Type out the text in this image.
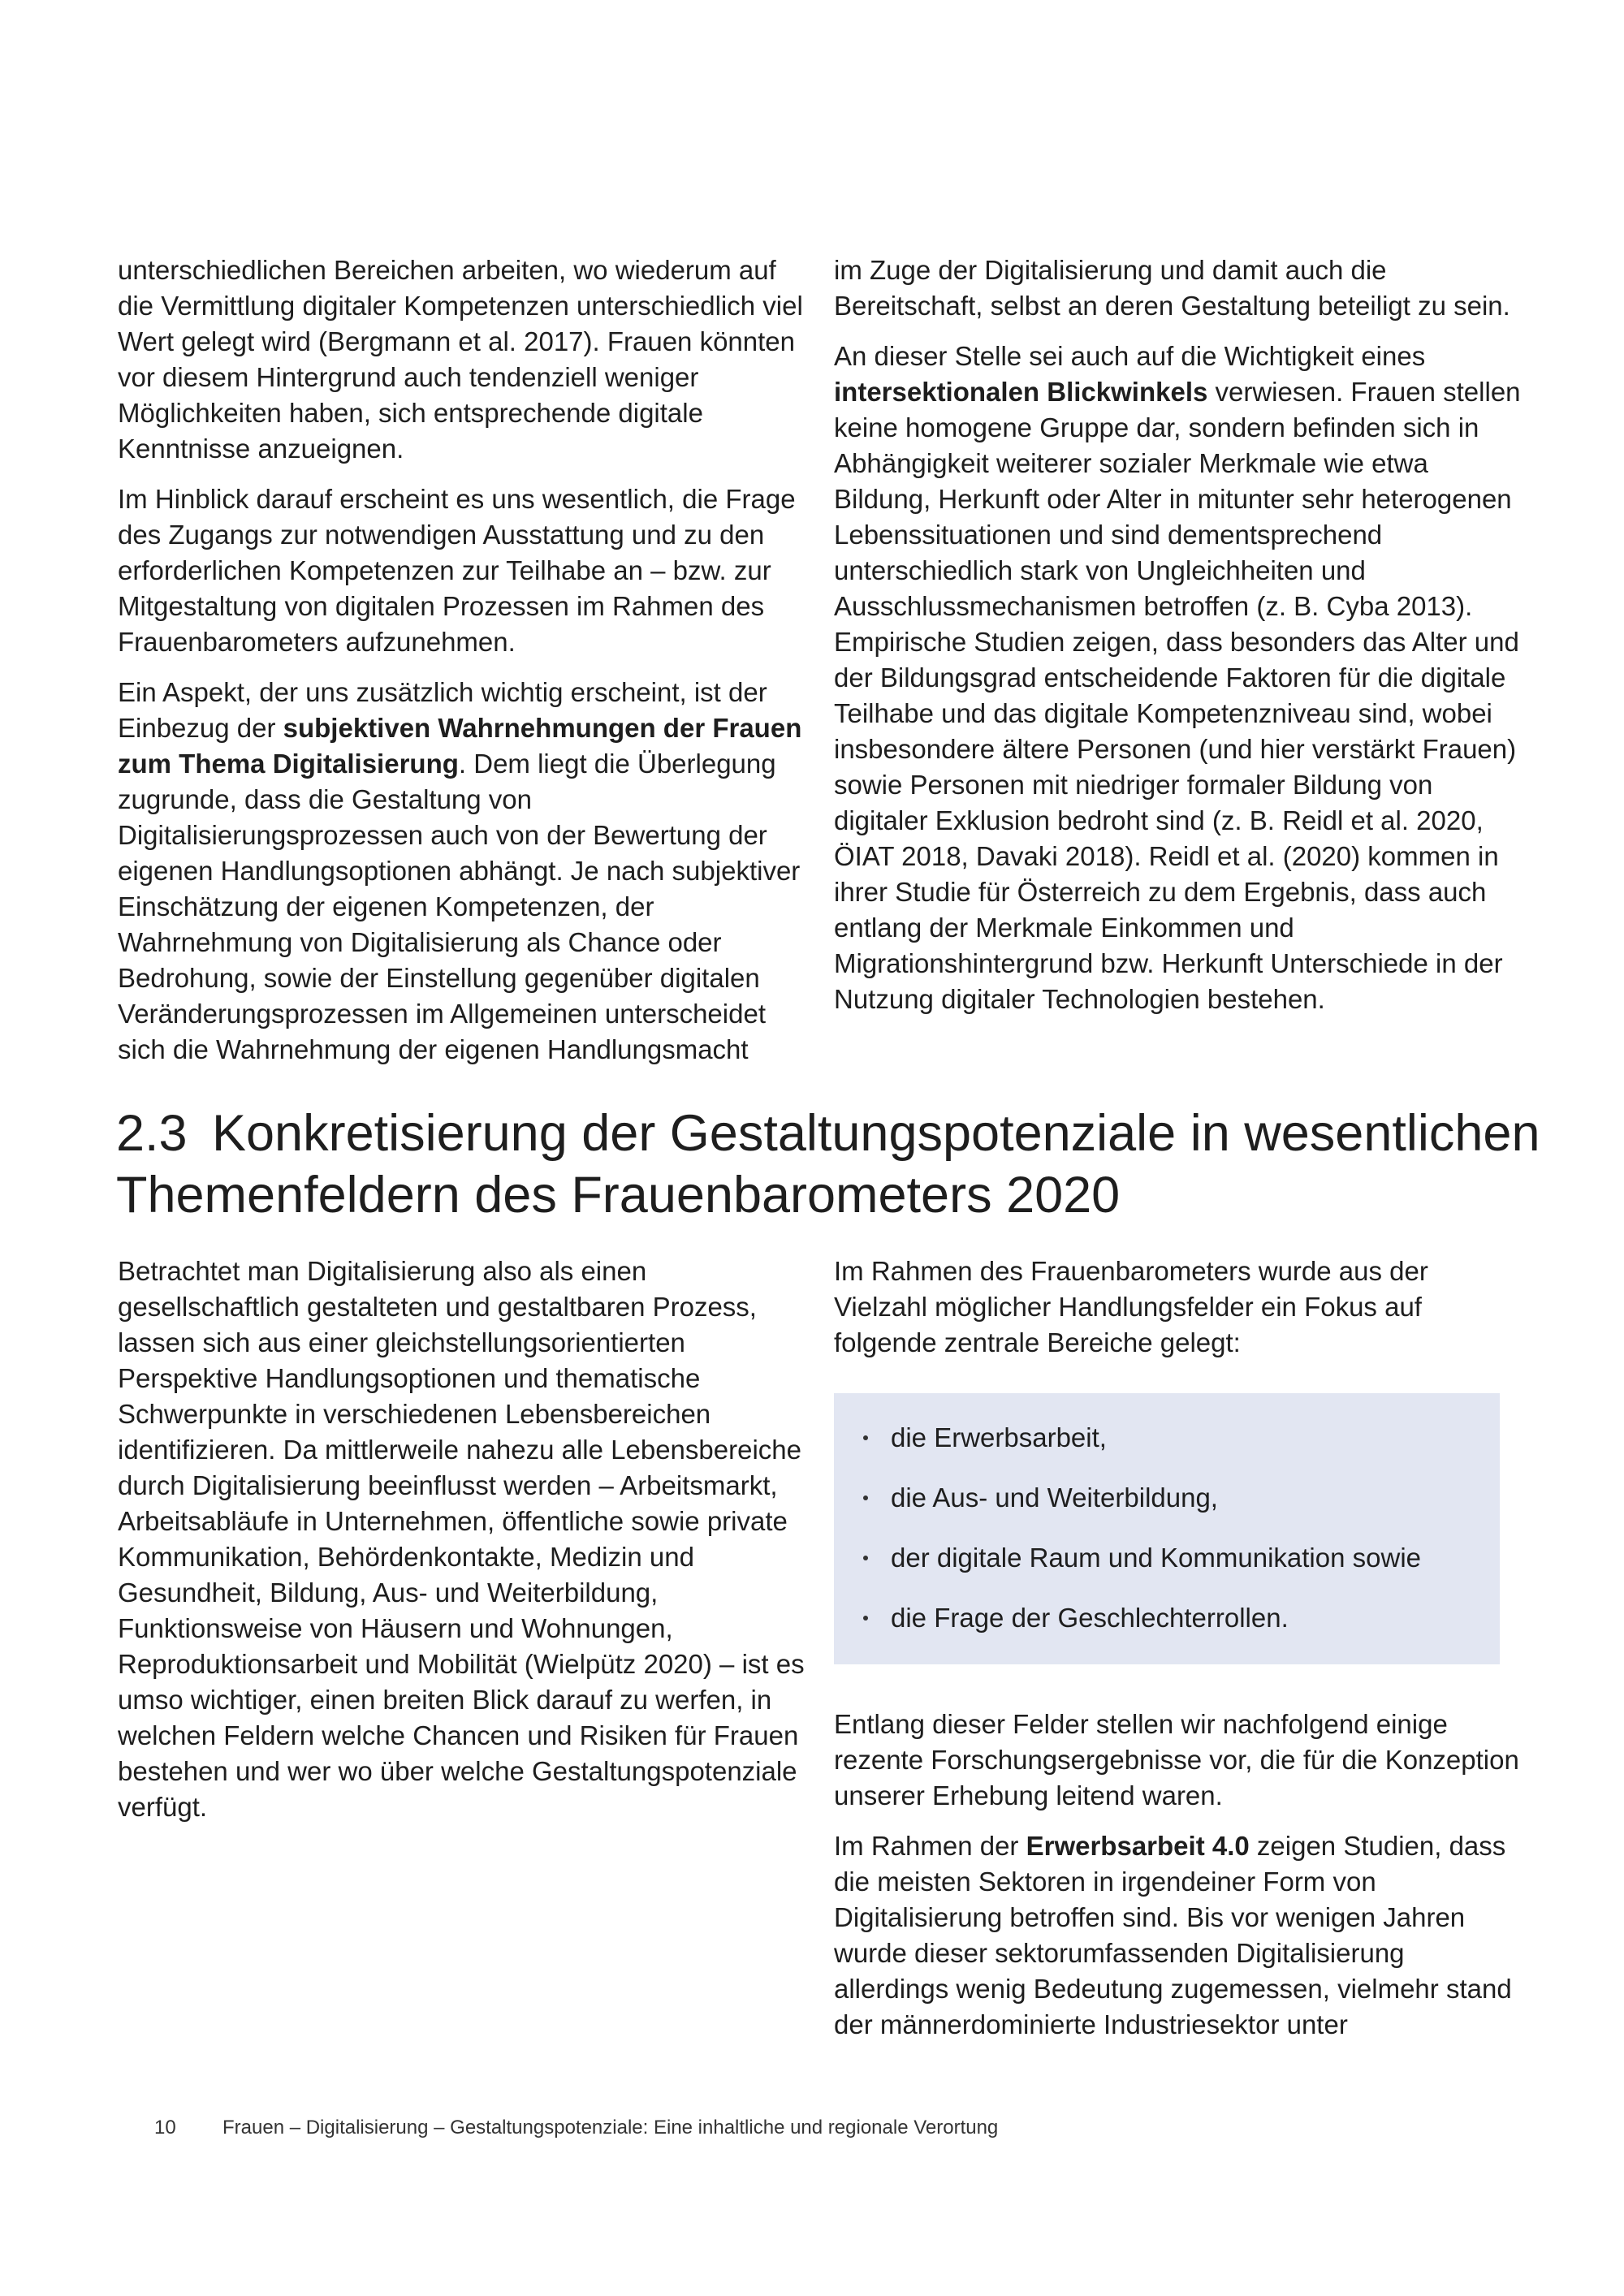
unterschiedlichen Bereichen arbeiten, wo wiederum auf die Vermittlung digitaler Kompetenzen unterschiedlich viel Wert gelegt wird (Bergmann et al. 2017). Frauen könnten vor diesem Hintergrund auch tendenziell weniger Möglichkeiten haben, sich entsprechende digitale Kenntnisse anzueignen.

Im Hinblick darauf erscheint es uns wesentlich, die Frage des Zugangs zur notwendigen Ausstattung und zu den erforderlichen Kompetenzen zur Teilhabe an – bzw. zur Mitgestaltung von digitalen Prozessen im Rahmen des Frauenbarometers aufzunehmen.

Ein Aspekt, der uns zusätzlich wichtig erscheint, ist der Einbezug der subjektiven Wahrnehmungen der Frauen zum Thema Digitalisierung. Dem liegt die Überlegung zugrunde, dass die Gestaltung von Digitalisierungsprozessen auch von der Bewertung der eigenen Handlungsoptionen abhängt. Je nach subjektiver Einschätzung der eigenen Kompetenzen, der Wahrnehmung von Digitalisierung als Chance oder Bedrohung, sowie der Einstellung gegenüber digitalen Veränderungsprozessen im Allgemeinen unterscheidet sich die Wahrnehmung der eigenen Handlungsmacht

im Zuge der Digitalisierung und damit auch die Bereitschaft, selbst an deren Gestaltung beteiligt zu sein.

An dieser Stelle sei auch auf die Wichtigkeit eines intersektionalen Blickwinkels verwiesen. Frauen stellen keine homogene Gruppe dar, sondern befinden sich in Abhängigkeit weiterer sozialer Merkmale wie etwa Bildung, Herkunft oder Alter in mitunter sehr heterogenen Lebenssituationen und sind dementsprechend unterschiedlich stark von Ungleichheiten und Ausschlussmechanismen betroffen (z. B. Cyba 2013). Empirische Studien zeigen, dass besonders das Alter und der Bildungsgrad entscheidende Faktoren für die digitale Teilhabe und das digitale Kompetenzniveau sind, wobei insbesondere ältere Personen (und hier verstärkt Frauen) sowie Personen mit niedriger formaler Bildung von digitaler Exklusion bedroht sind (z. B. Reidl et al. 2020, ÖIAT 2018, Davaki 2018). Reidl et al. (2020) kommen in ihrer Studie für Österreich zu dem Ergebnis, dass auch entlang der Merkmale Einkommen und Migrationshintergrund bzw. Herkunft Unterschiede in der Nutzung digitaler Technologien bestehen.

2.3 Konkretisierung der Gestaltungspotenziale in wesentlichen Themenfeldern des Frauenbarometers 2020

Betrachtet man Digitalisierung also als einen gesellschaftlich gestalteten und gestaltbaren Prozess, lassen sich aus einer gleichstellungsorientierten Perspektive Handlungsoptionen und thematische Schwerpunkte in verschiedenen Lebensbereichen identifizieren. Da mittlerweile nahezu alle Lebensbereiche durch Digitalisierung beeinflusst werden – Arbeitsmarkt, Arbeitsabläufe in Unternehmen, öffentliche sowie private Kommunikation, Behördenkontakte, Medizin und Gesundheit, Bildung, Aus- und Weiterbildung, Funktionsweise von Häusern und Wohnungen, Reproduktionsarbeit und Mobilität (Wielpütz 2020) – ist es umso wichtiger, einen breiten Blick darauf zu werfen, in welchen Feldern welche Chancen und Risiken für Frauen bestehen und wer wo über welche Gestaltungspotenziale verfügt.

Im Rahmen des Frauenbarometers wurde aus der Vielzahl möglicher Handlungsfelder ein Fokus auf folgende zentrale Bereiche gelegt:

die Erwerbsarbeit,
die Aus- und Weiterbildung,
der digitale Raum und Kommunikation sowie
die Frage der Geschlechterrollen.

Entlang dieser Felder stellen wir nachfolgend einige rezente Forschungsergebnisse vor, die für die Konzeption unserer Erhebung leitend waren.

Im Rahmen der Erwerbsarbeit 4.0 zeigen Studien, dass die meisten Sektoren in irgendeiner Form von Digitalisierung betroffen sind. Bis vor wenigen Jahren wurde dieser sektorumfassenden Digitalisierung allerdings wenig Bedeutung zugemessen, vielmehr stand der männerdominierte Industriesektor unter

10	Frauen – Digitalisierung – Gestaltungspotenziale: Eine inhaltliche und regionale Verortung
